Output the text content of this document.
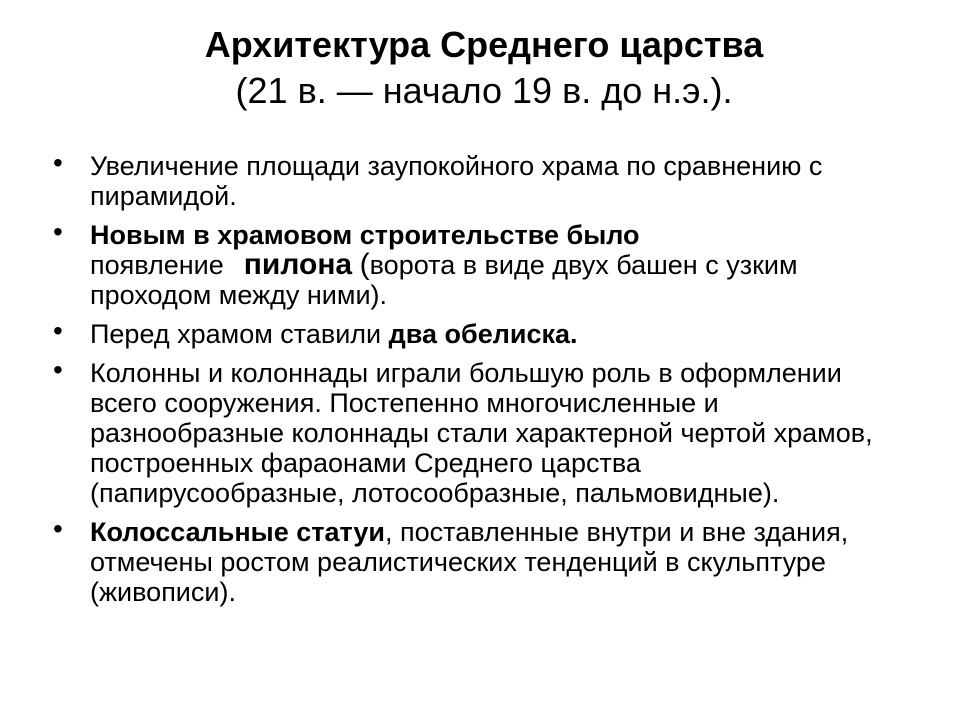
Архитектура Среднего царства
(21 в. — начало 19 в. до н.э.).
• Увеличение площади заупокойного храма по сравнению с пирамидой.
• Новым в храмовом строительстве было
появление пилона (ворота в виде двух башен с узким проходом между ними).
• Перед храмом ставили два обелиска.
• Колонны и колоннады играли большую роль в оформлении всего сооружения. Постепенно многочисленные и разнообразные колоннады стали характерной чертой храмов, построенных фараонами Среднего царства (папирусообразные, лотосообразные, пальмовидные).
• Колоссальные статуи, поставленные внутри и вне здания, отмечены ростом реалистических тенденций в скульптуре (живописи).
